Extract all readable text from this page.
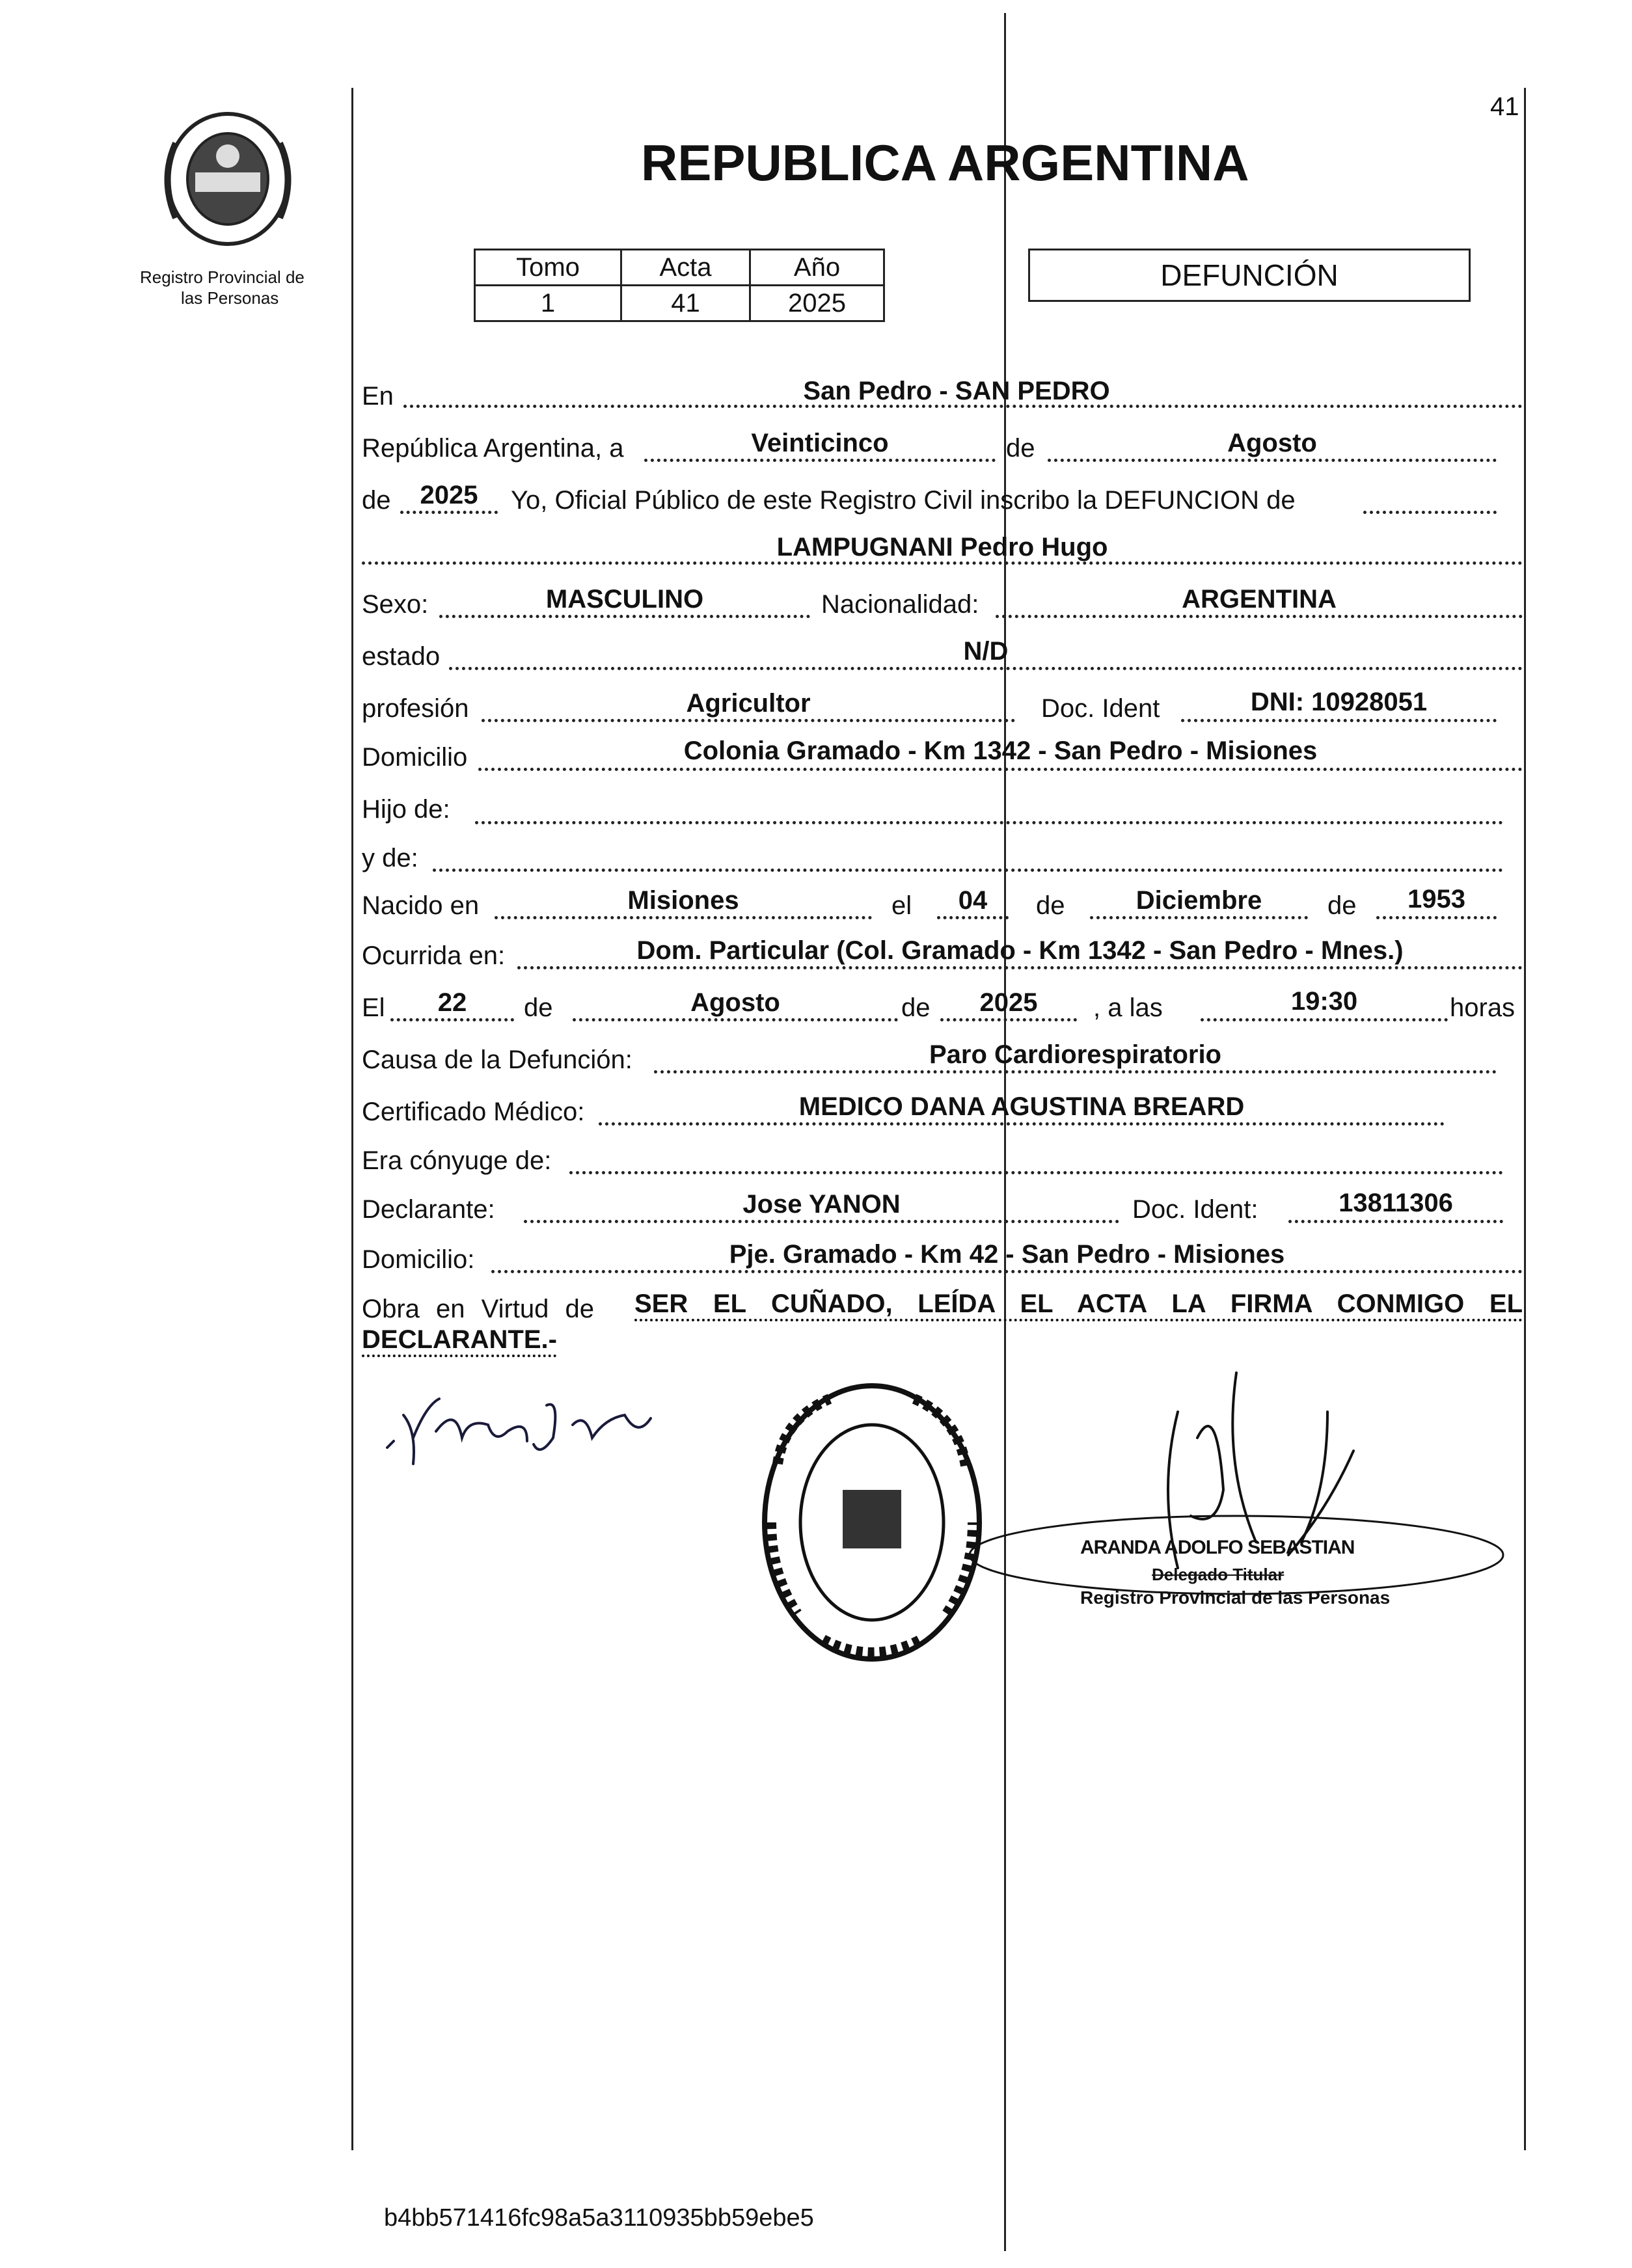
41
Registro Provincial de
las Personas
REPUBLICA ARGENTINA
Tomo	Acta	Año
1	41	2025
DEFUNCIÓN
En	San Pedro - SAN PEDRO
República Argentina, a	Veinticinco	de	Agosto
de	2025	Yo, Oficial Público de este Registro Civil inscribo la DEFUNCION de
LAMPUGNANI Pedro Hugo
Sexo:	MASCULINO	Nacionalidad:	ARGENTINA
estado	N/D
profesión	Agricultor	Doc. Ident	DNI: 10928051
Domicilio	Colonia Gramado - Km 1342 - San Pedro - Misiones
Hijo de:
y de:
Nacido en	Misiones	el	04	de	Diciembre	de	1953
Ocurrida en:	Dom. Particular (Col. Gramado - Km 1342 - San Pedro - Mnes.)
El	22	de	Agosto	de	2025	, a las	19:30	horas
Causa de la Defunción:	Paro Cardiorespiratorio
Certificado Médico:	MEDICO DANA AGUSTINA BREARD
Era cónyuge de:
Declarante:	Jose YANON	Doc. Ident:	13811306
Domicilio:	Pje. Gramado - Km 42 - San Pedro - Misiones
Obra en Virtud de SER EL CUÑADO, LEÍDA EL ACTA LA FIRMA CONMIGO EL
DECLARANTE.-
ARANDA ADOLFO SEBASTIAN
Delegado Titular
Registro Provincial de las Personas
b4bb571416fc98a5a3110935bb59ebe5
